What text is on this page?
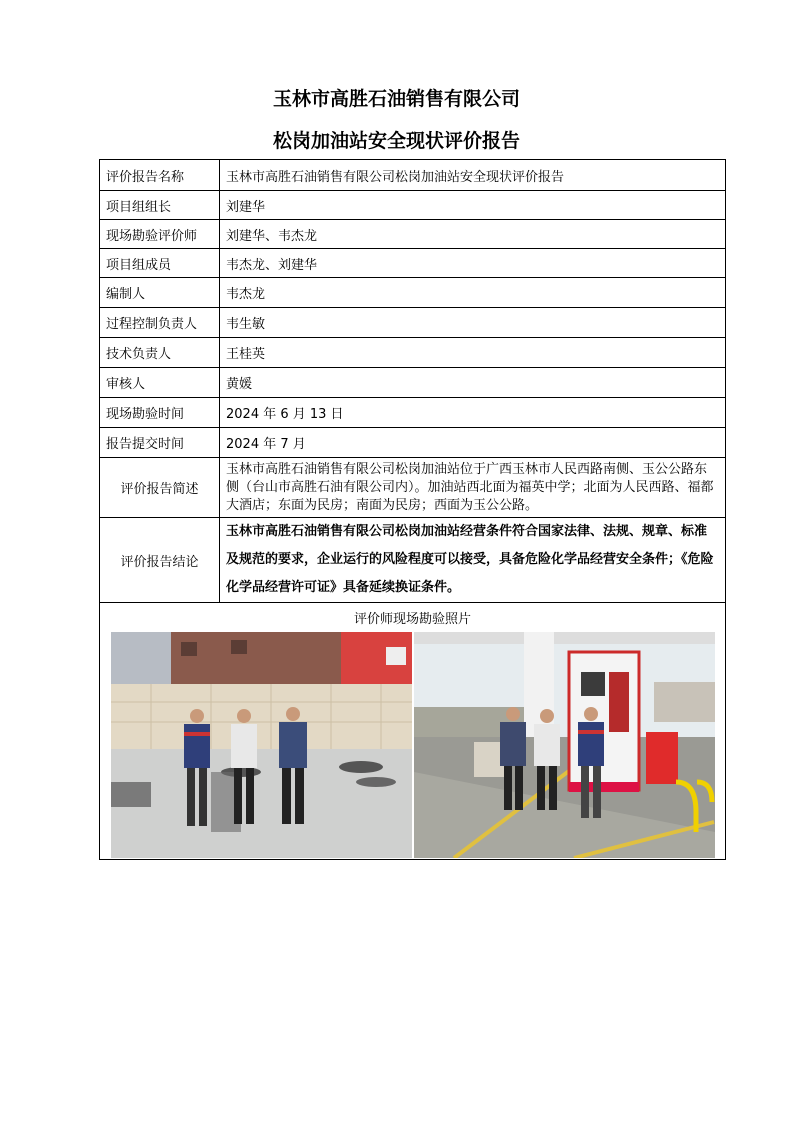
玉林市高胜石油销售有限公司
松岗加油站安全现状评价报告
评价报告名称	玉林市高胜石油销售有限公司松岗加油站安全现状评价报告
项目组组长	刘建华
现场勘验评价师	刘建华、韦杰龙
项目组成员	韦杰龙、刘建华
编制人	韦杰龙
过程控制负责人	韦生敏
技术负责人	王桂英
审核人	黄媛
现场勘验时间	2024 年 6 月 13 日
报告提交时间	2024 年 7 月
评价报告简述	玉林市高胜石油销售有限公司松岗加油站位于广西玉林市人民西路南侧、玉公公路东侧（台山市高胜石油有限公司内）。加油站西北面为福英中学；北面为人民西路、福都大酒店；东面为民房；南面为民房；西面为玉公公路。
评价报告结论	玉林市高胜石油销售有限公司松岗加油站经营条件符合国家法律、法规、规章、标准及规范的要求，企业运行的风险程度可以接受，具备危险化学品经营安全条件；《危险化学品经营许可证》具备延续换证条件。

评价师现场勘验照片	
